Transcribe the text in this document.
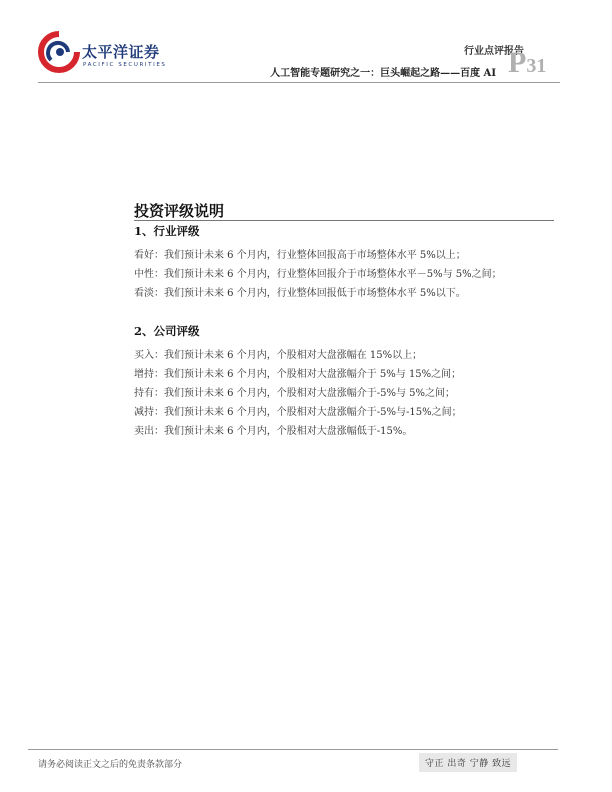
太平洋证券
PACIFIC SECURITIES
行业点评报告
人工智能专题研究之一：巨头崛起之路——百度 AI P31
投资评级说明
1、行业评级
看好：我们预计未来 6 个月内，行业整体回报高于市场整体水平 5%以上；
中性：我们预计未来 6 个月内，行业整体回报介于市场整体水平－5%与 5%之间；
看淡：我们预计未来 6 个月内，行业整体回报低于市场整体水平 5%以下。
2、公司评级
买入：我们预计未来 6 个月内，个股相对大盘涨幅在 15%以上；
增持：我们预计未来 6 个月内，个股相对大盘涨幅介于 5%与 15%之间；
持有：我们预计未来 6 个月内，个股相对大盘涨幅介于-5%与 5%之间；
减持：我们预计未来 6 个月内，个股相对大盘涨幅介于-5%与-15%之间；
卖出：我们预计未来 6 个月内，个股相对大盘涨幅低于-15%。
请务必阅读正文之后的免责条款部分	守正 出奇 宁静 致远
